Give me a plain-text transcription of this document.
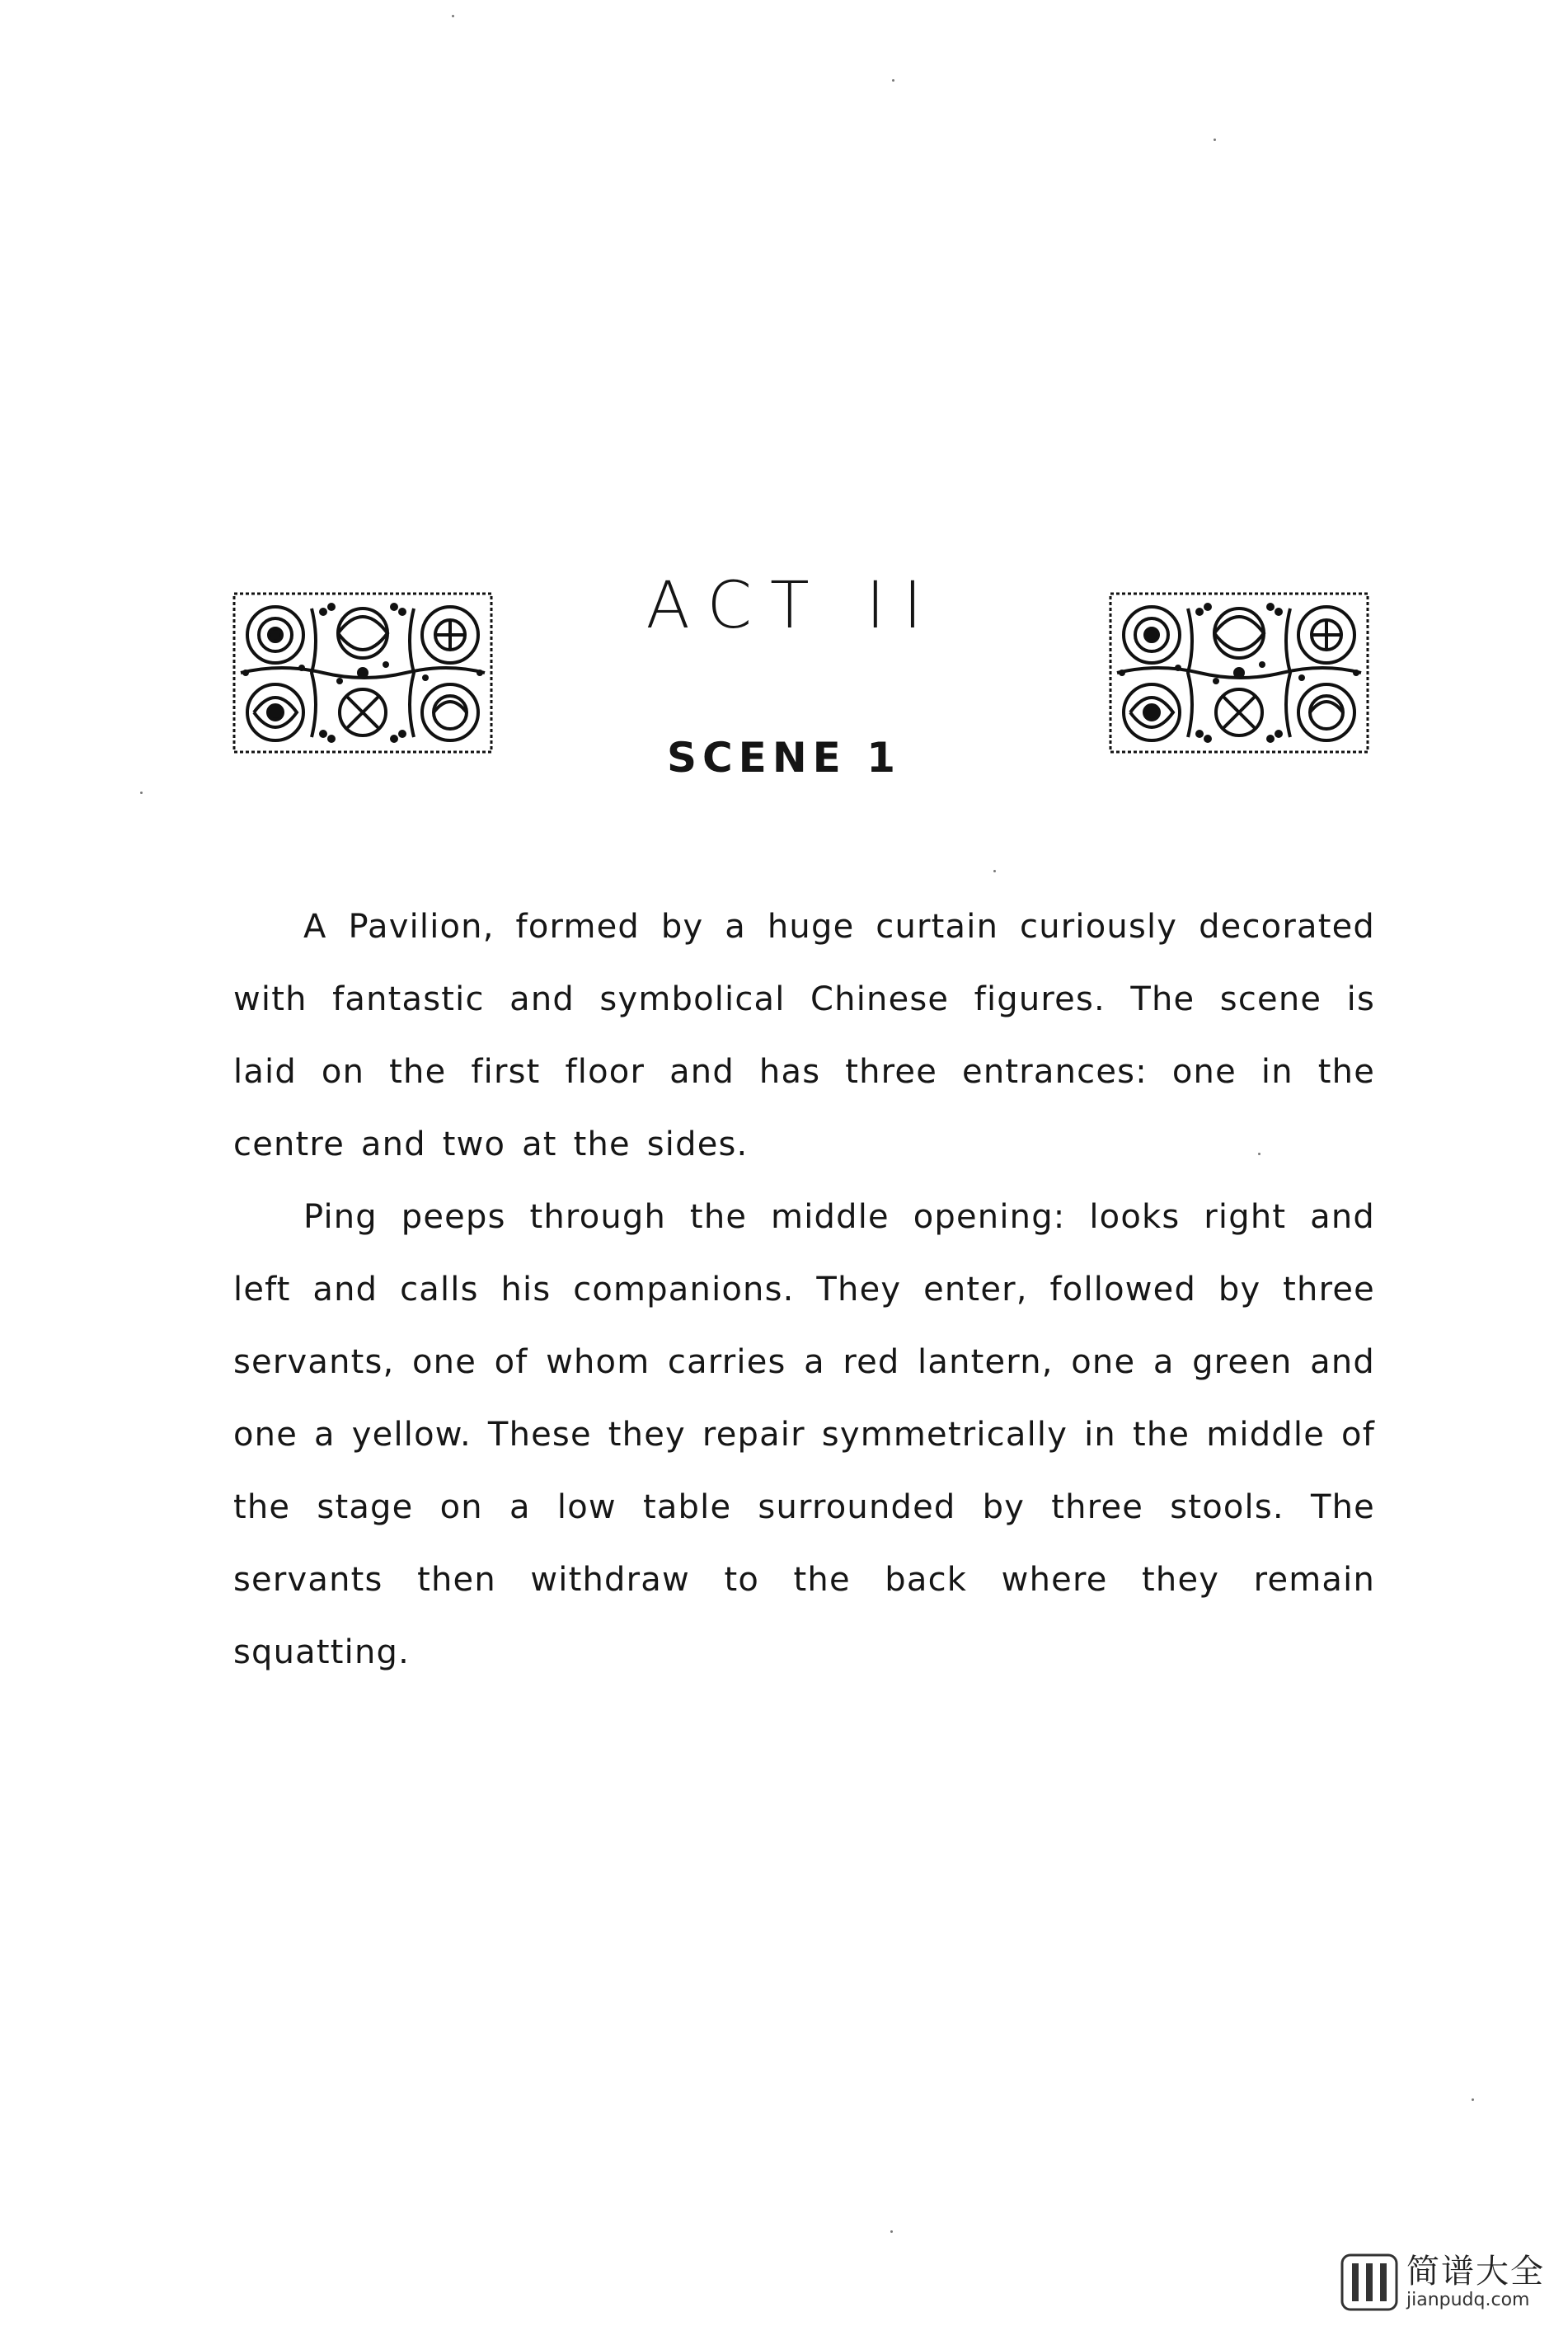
ACT II
SCENE 1

A Pavilion, formed by a huge curtain curiously decorated with fantastic and symbolical Chinese figures. The scene is laid on the first floor and has three entrances: one in the centre and two at the sides.

Ping peeps through the middle opening: looks right and left and calls his companions. They enter, followed by three servants, one of whom carries a red lantern, one a green and one a yellow. These they repair symmetrically in the middle of the stage on a low table surrounded by three stools. The servants then withdraw to the back where they remain squatting.

简谱大全
jianpudq.com
